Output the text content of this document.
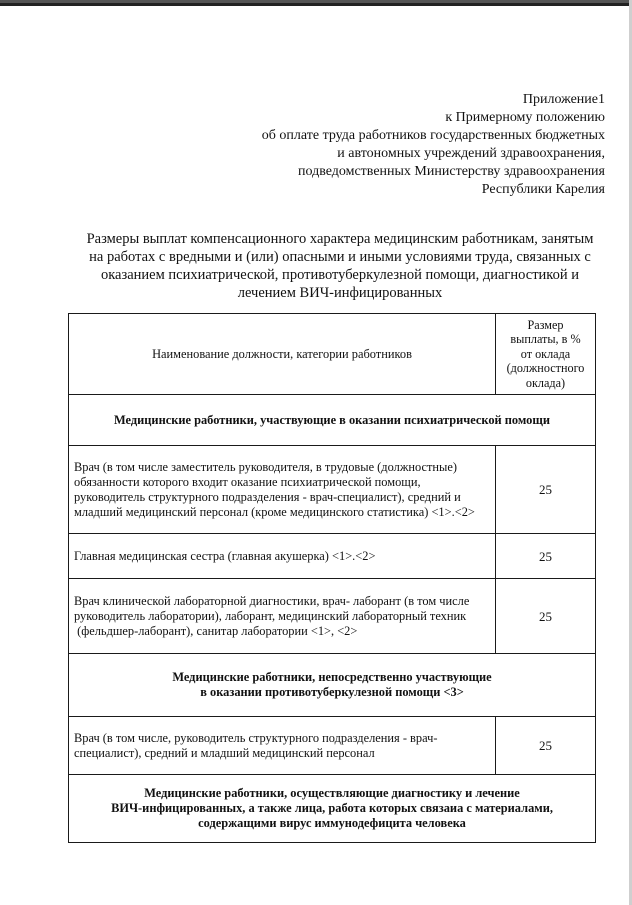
Приложение1
к Примерному положению
об оплате труда работников государственных бюджетных
и автономных учреждений здравоохранения,
подведомственных Министерству здравоохранения
Республики Карелия
Размеры выплат компенсационного характера медицинским работникам, занятым
на работах с вредными и (или) опасными и иными условиями труда, связанных с
оказанием психиатрической, противотуберкулезной помощи, диагностикой и
лечением ВИЧ-инфицированных
Наименование должности, категории работников	Размер
выплаты, в %
от оклада
(должностного
оклада)

Медицинские работники, участвующие в оказании психиатрической помощи	

Врач (в том числе заместитель руководителя, в трудовые (должностные)
обязанности которого входит оказание психиатрической помощи,
руководитель структурного подразделения - врач-специалист), средний и
младший медицинский персонал (кроме медицинского статистика) <1>.<2>	25

Главная медицинская сестра (главная акушерка) <1>.<2>	25

Врач клинической лабораторной диагностики, врач- лаборант (в том числе
руководитель лаборатории), лаборант, медицинский лабораторный техник
(фельдшер-лаборант), санитар лаборатории <1>, <2>	25

Медицинские работники, непосредственно участвующие
в оказании противотуберкулезной помощи <3>	

Врач (в том числе, руководитель структурного подразделения - врач-
специалист), средний и младший медицинский персонал	25

Медицинские работники, осуществляющие диагностику и лечение
ВИЧ-инфицированных, а также лица, работа которых связаиа с материалами,
содержащими вирус иммунодефицита человека	
